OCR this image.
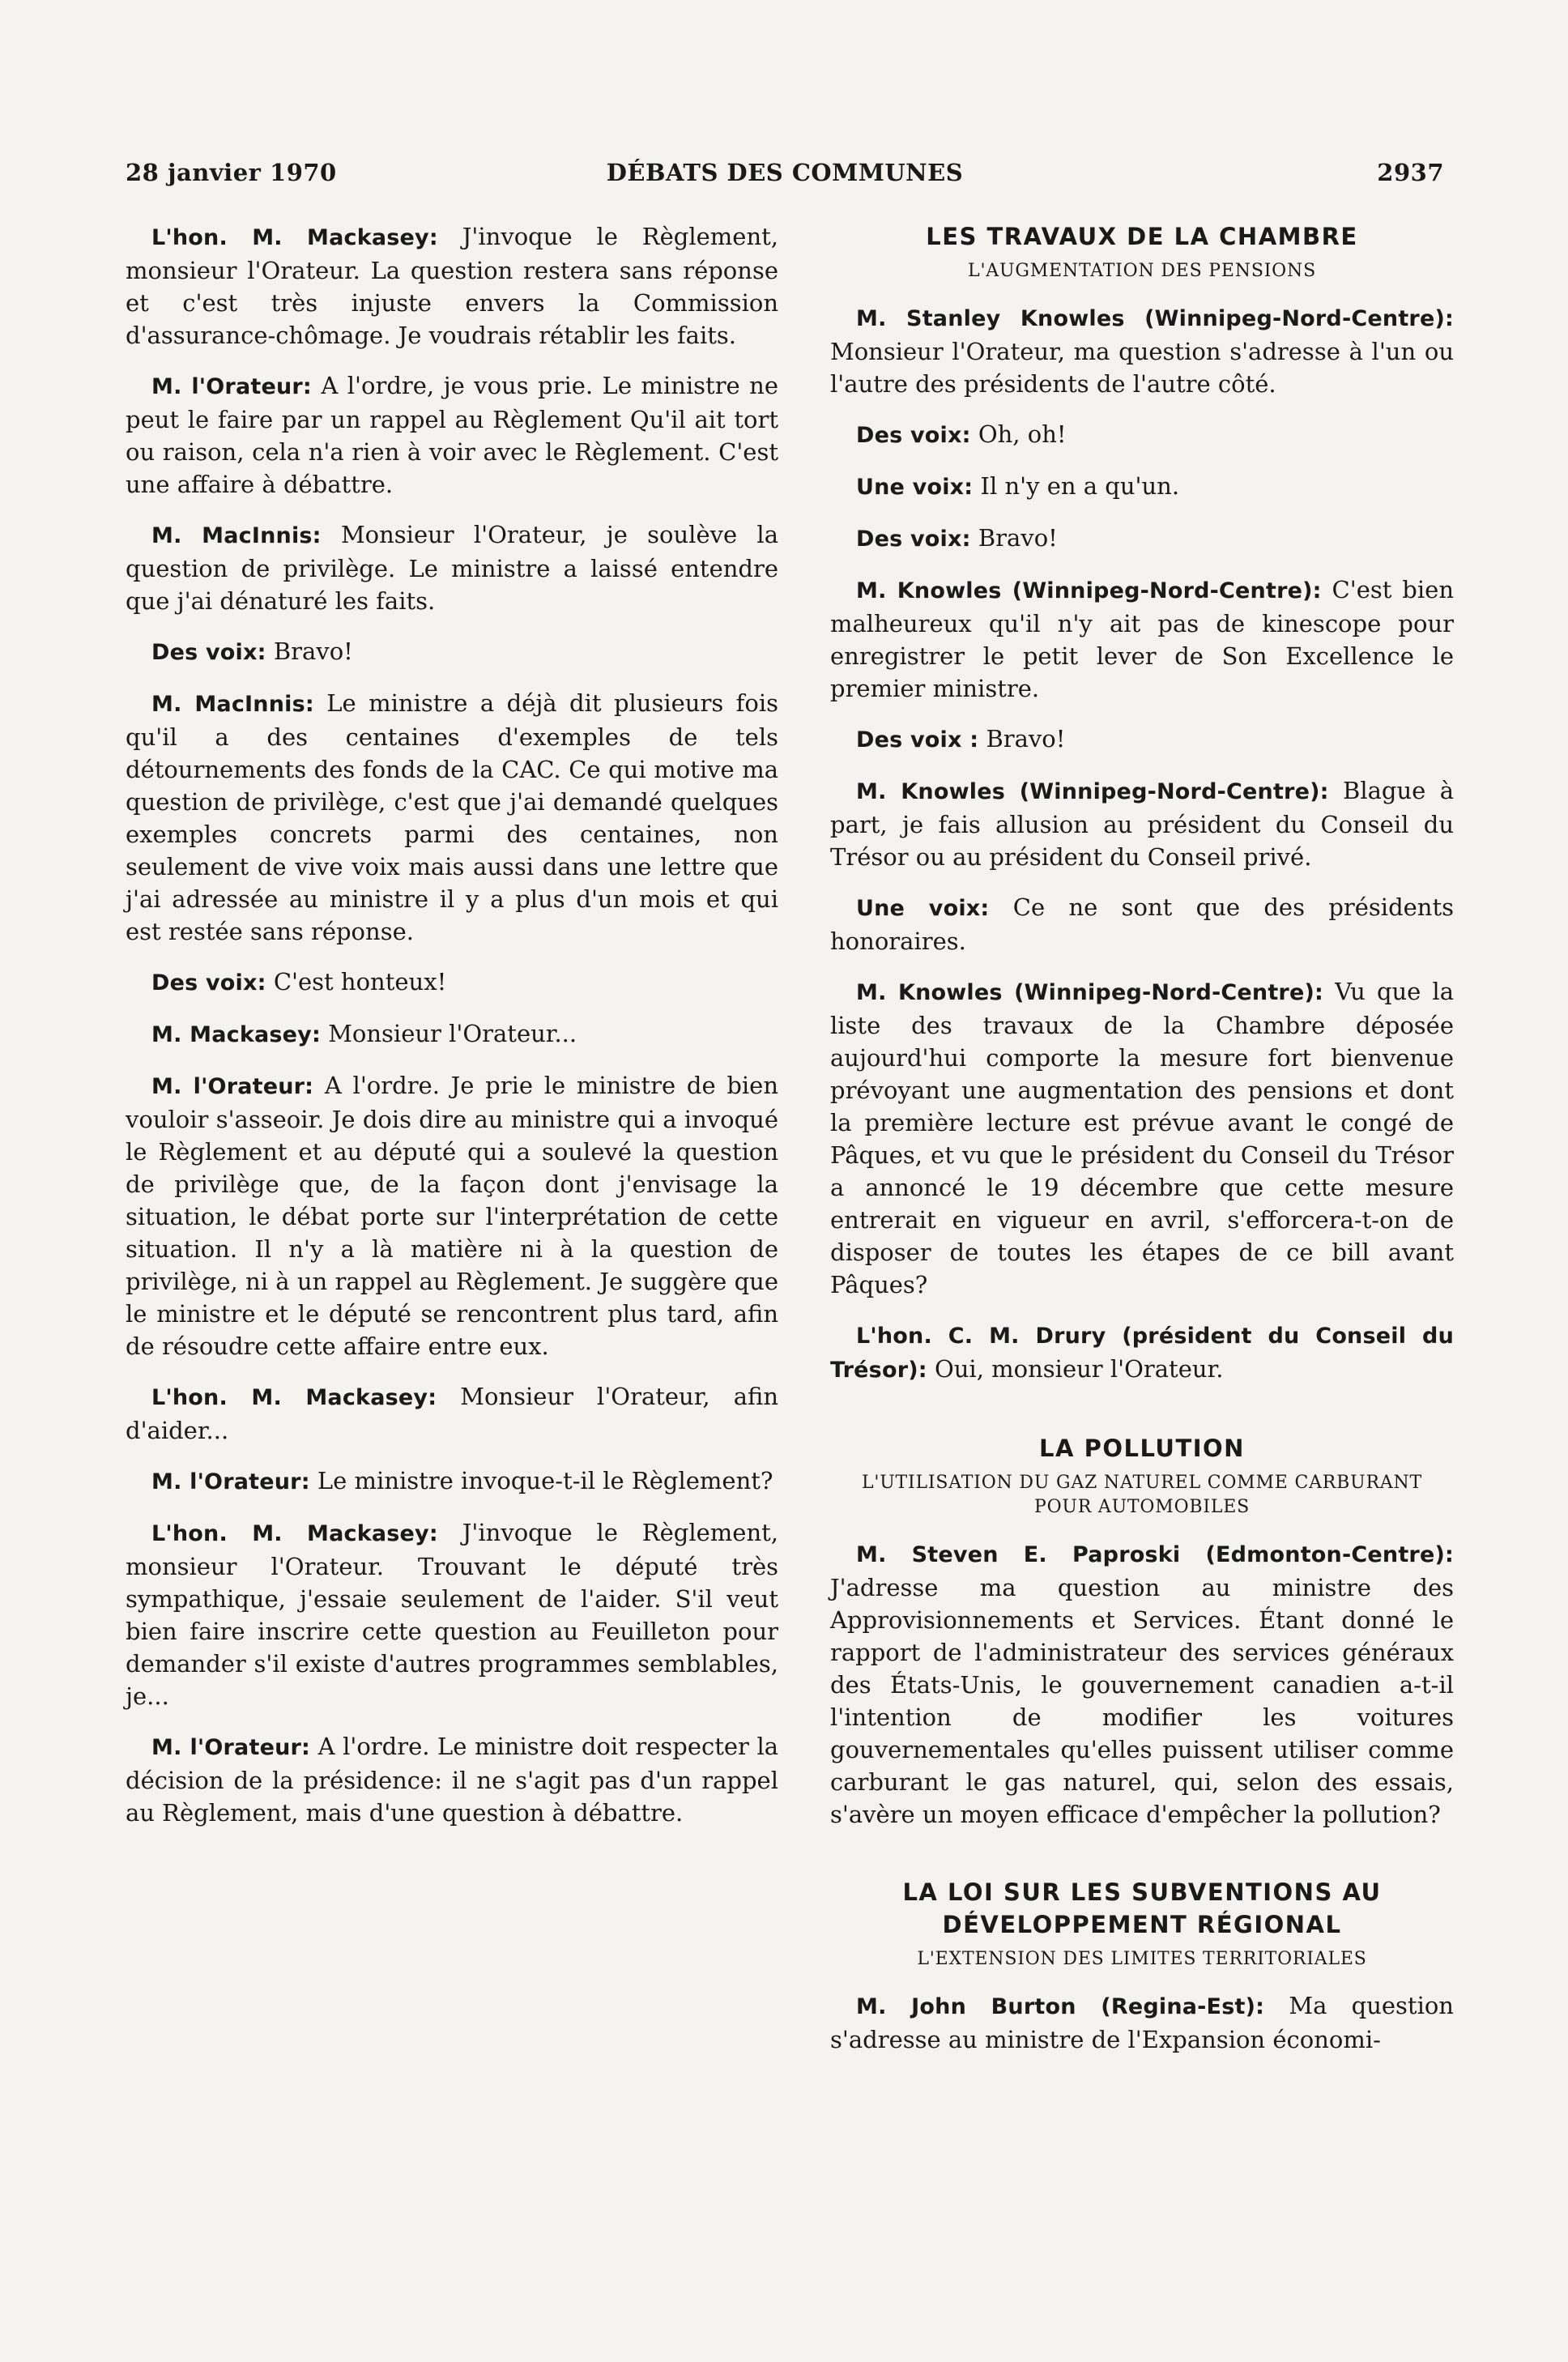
28 janvier 1970	DÉBATS DES COMMUNES	2937

L'hon. M. Mackasey: J'invoque le Règlement, monsieur l'Orateur. La question restera sans réponse et c'est très injuste envers la Commission d'assurance-chômage. Je voudrais rétablir les faits.

M. l'Orateur: A l'ordre, je vous prie. Le ministre ne peut le faire par un rappel au Règlement Qu'il ait tort ou raison, cela n'a rien à voir avec le Règlement. C'est une affaire à débattre.

M. MacInnis: Monsieur l'Orateur, je soulève la question de privilège. Le ministre a laissé entendre que j'ai dénaturé les faits.

Des voix: Bravo!

M. MacInnis: Le ministre a déjà dit plusieurs fois qu'il a des centaines d'exemples de tels détournements des fonds de la CAC. Ce qui motive ma question de privilège, c'est que j'ai demandé quelques exemples concrets parmi des centaines, non seulement de vive voix mais aussi dans une lettre que j'ai adressée au ministre il y a plus d'un mois et qui est restée sans réponse.

Des voix: C'est honteux!

M. Mackasey: Monsieur l'Orateur...

M. l'Orateur: A l'ordre. Je prie le ministre de bien vouloir s'asseoir. Je dois dire au ministre qui a invoqué le Règlement et au député qui a soulevé la question de privilège que, de la façon dont j'envisage la situation, le débat porte sur l'interprétation de cette situation. Il n'y a là matière ni à la question de privilège, ni à un rappel au Règlement. Je suggère que le ministre et le député se rencontrent plus tard, afin de résoudre cette affaire entre eux.

L'hon. M. Mackasey: Monsieur l'Orateur, afin d'aider...

M. l'Orateur: Le ministre invoque-t-il le Règlement?

L'hon. M. Mackasey: J'invoque le Règlement, monsieur l'Orateur. Trouvant le député très sympathique, j'essaie seulement de l'aider. S'il veut bien faire inscrire cette question au Feuilleton pour demander s'il existe d'autres programmes semblables, je...

M. l'Orateur: A l'ordre. Le ministre doit respecter la décision de la présidence: il ne s'agit pas d'un rappel au Règlement, mais d'une question à débattre.

LES TRAVAUX DE LA CHAMBRE
L'AUGMENTATION DES PENSIONS

M. Stanley Knowles (Winnipeg-Nord-Centre): Monsieur l'Orateur, ma question s'adresse à l'un ou l'autre des présidents de l'autre côté.

Des voix: Oh, oh!

Une voix: Il n'y en a qu'un.

Des voix: Bravo!

M. Knowles (Winnipeg-Nord-Centre): C'est bien malheureux qu'il n'y ait pas de kinescope pour enregistrer le petit lever de Son Excellence le premier ministre.

Des voix : Bravo!

M. Knowles (Winnipeg-Nord-Centre): Blague à part, je fais allusion au président du Conseil du Trésor ou au président du Conseil privé.

Une voix: Ce ne sont que des présidents honoraires.

M. Knowles (Winnipeg-Nord-Centre): Vu que la liste des travaux de la Chambre déposée aujourd'hui comporte la mesure fort bienvenue prévoyant une augmentation des pensions et dont la première lecture est prévue avant le congé de Pâques, et vu que le président du Conseil du Trésor a annoncé le 19 décembre que cette mesure entrerait en vigueur en avril, s'efforcera-t-on de disposer de toutes les étapes de ce bill avant Pâques?

L'hon. C. M. Drury (président du Conseil du Trésor): Oui, monsieur l'Orateur.

LA POLLUTION
L'UTILISATION DU GAZ NATUREL COMME CARBURANT POUR AUTOMOBILES

M. Steven E. Paproski (Edmonton-Centre): J'adresse ma question au ministre des Approvisionnements et Services. Étant donné le rapport de l'administrateur des services généraux des États-Unis, le gouvernement canadien a-t-il l'intention de modifier les voitures gouvernementales qu'elles puissent utiliser comme carburant le gas naturel, qui, selon des essais, s'avère un moyen efficace d'empêcher la pollution?

LA LOI SUR LES SUBVENTIONS AU DÉVELOPPEMENT RÉGIONAL
L'EXTENSION DES LIMITES TERRITORIALES

M. John Burton (Regina-Est): Ma question s'adresse au ministre de l'Expansion économi-
